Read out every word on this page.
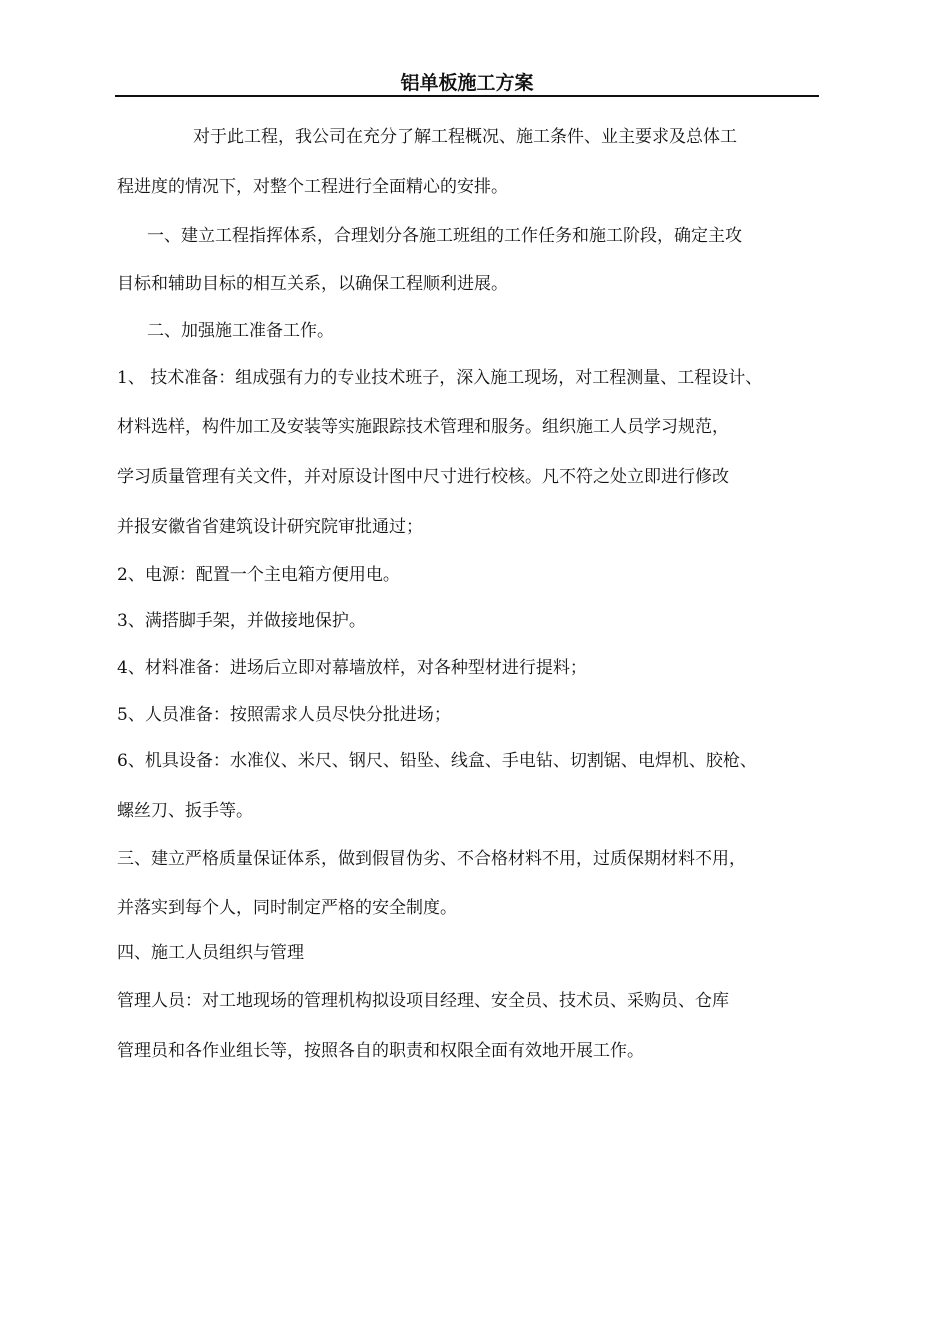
铝单板施工方案
对于此工程，我公司在充分了解工程概况、施工条件、业主要求及总体工
程进度的情况下，对整个工程进行全面精心的安排。
一、建立工程指挥体系，合理划分各施工班组的工作任务和施工阶段，确定主攻
目标和辅助目标的相互关系，以确保工程顺利进展。
二、加强施工准备工作。
1、 技术准备：组成强有力的专业技术班子，深入施工现场，对工程测量、工程设计、
材料选样，构件加工及安装等实施跟踪技术管理和服务。组织施工人员学习规范，
学习质量管理有关文件，并对原设计图中尺寸进行校核。凡不符之处立即进行修改
并报安徽省省建筑设计研究院审批通过；
2、电源：配置一个主电箱方便用电。
3、满搭脚手架，并做接地保护。
4、材料准备：进场后立即对幕墙放样，对各种型材进行提料；
5、人员准备：按照需求人员尽快分批进场；
6、机具设备：水准仪、米尺、钢尺、铅坠、线盒、手电钻、切割锯、电焊机、胶枪、
螺丝刀、扳手等。
三、建立严格质量保证体系，做到假冒伪劣、不合格材料不用，过质保期材料不用，
并落实到每个人，同时制定严格的安全制度。
四、施工人员组织与管理
管理人员：对工地现场的管理机构拟设项目经理、安全员、技术员、采购员、仓库
管理员和各作业组长等，按照各自的职责和权限全面有效地开展工作。
